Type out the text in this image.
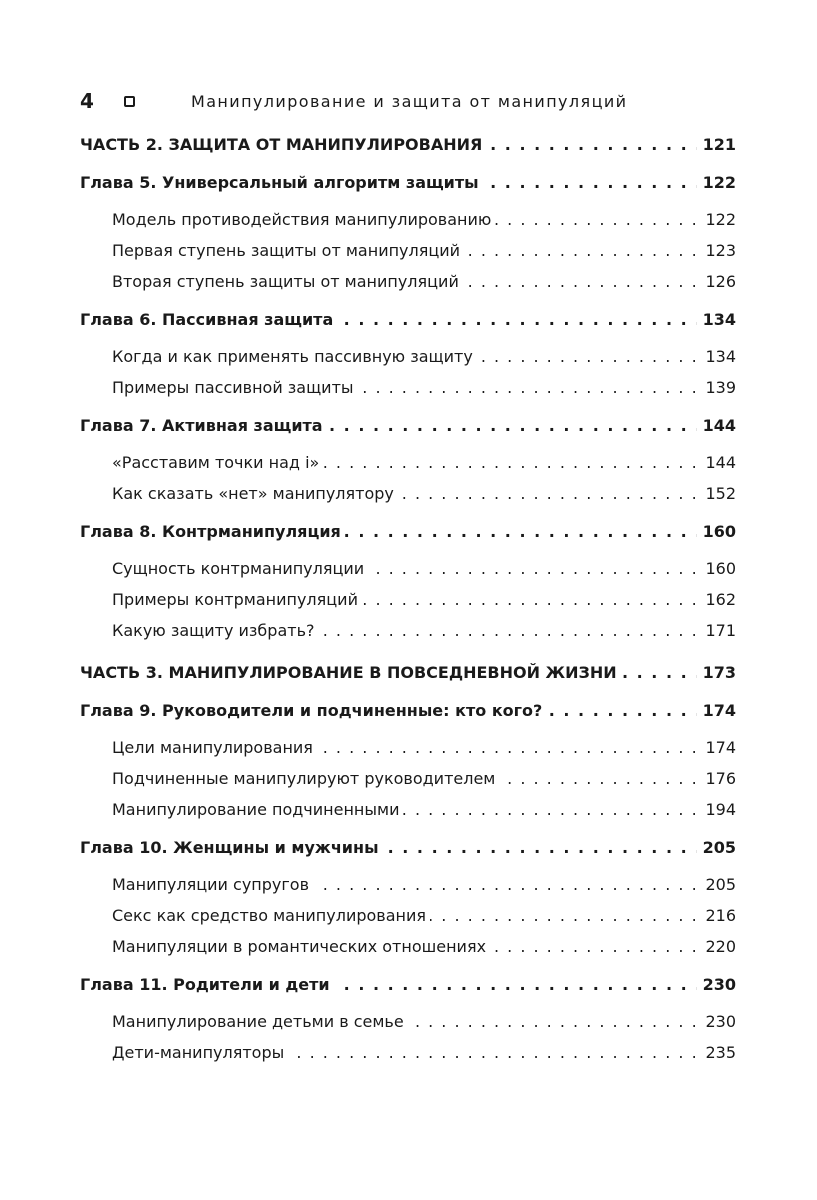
4	Манипулирование и защита от манипуляций
. . . ЧАСТЬ 2. ЗАЩИТА ОТ МАНИПУЛИРОВАНИЯ	121
. . . Глава 5. Универсальный алгоритм защиты	122
. . . Модель противодействия манипулированию	122
. . . Первая ступень защиты от манипуляций	123
. . . Вторая ступень защиты от манипуляций	126
. . . Глава 6. Пассивная защита	134
. . . Когда и как применять пассивную защиту	134
. . . Примеры пассивной защиты	139
. . . Глава 7. Активная защита	144
. . . «Расставим точки над i»	144
. . . Как сказать «нет» манипулятору	152
. . . Глава 8. Контрманипуляция	160
. . . Сущность контрманипуляции	160
. . . Примеры контрманипуляций	162
. . . Какую защиту избрать?	171
. . . ЧАСТЬ 3. МАНИПУЛИРОВАНИЕ В ПОВСЕДНЕВНОЙ ЖИЗНИ	173
. . . Глава 9. Руководители и подчиненные: кто кого?	174
. . . Цели манипулирования	174
. . . Подчиненные манипулируют руководителем	176
. . . Манипулирование подчиненными	194
. . . Глава 10. Женщины и мужчины	205
. . . Манипуляции супругов	205
. . . Секс как средство манипулирования	216
. . . Манипуляции в романтических отношениях	220
. . . Глава 11. Родители и дети	230
. . . Манипулирование детьми в семье	230
. . . Дети-манипуляторы	235
